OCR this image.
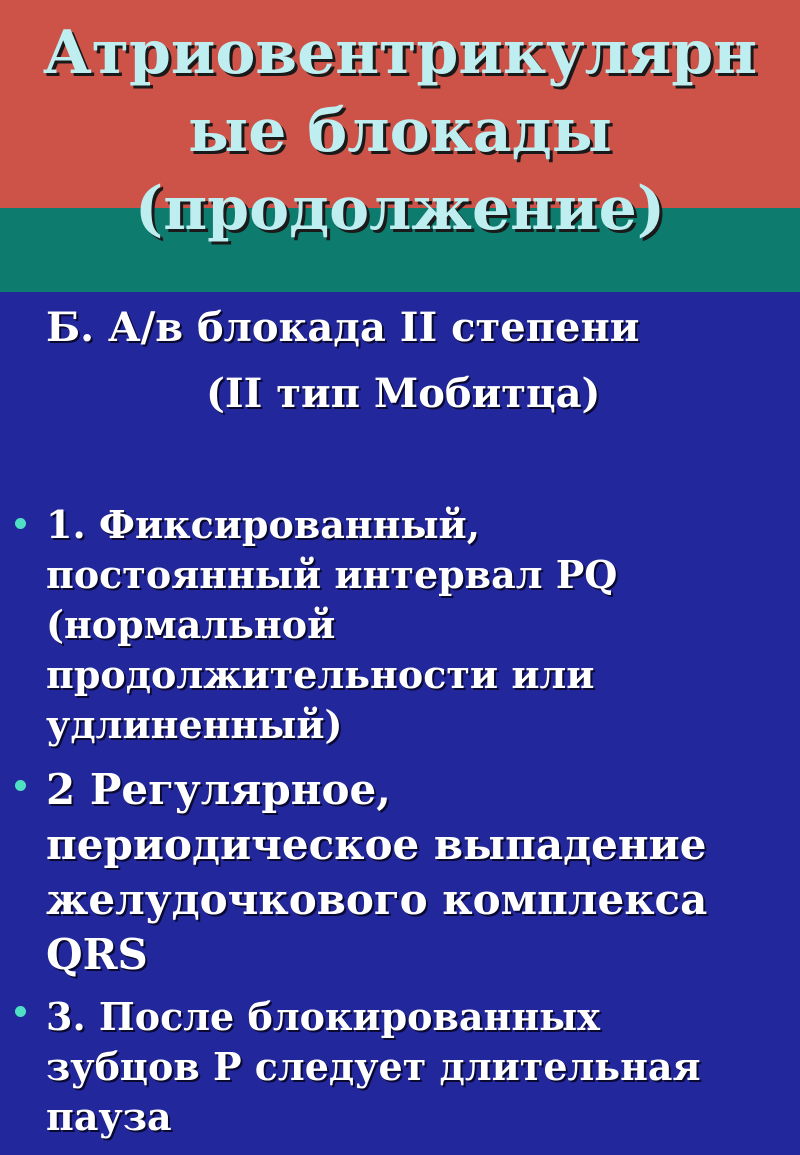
Атриовентрикулярн
ые блокады
(продолжение)
Б. А/в блокада II степени
(II тип Мобитца)
1. Фиксированный,
постоянный интервал PQ
(нормальной
продолжительности или
удлиненный)
2 Регулярное,
периодическое выпадение
желудочкового комплекса
QRS
3. После блокированных
зубцов Р следует длительная
пауза
